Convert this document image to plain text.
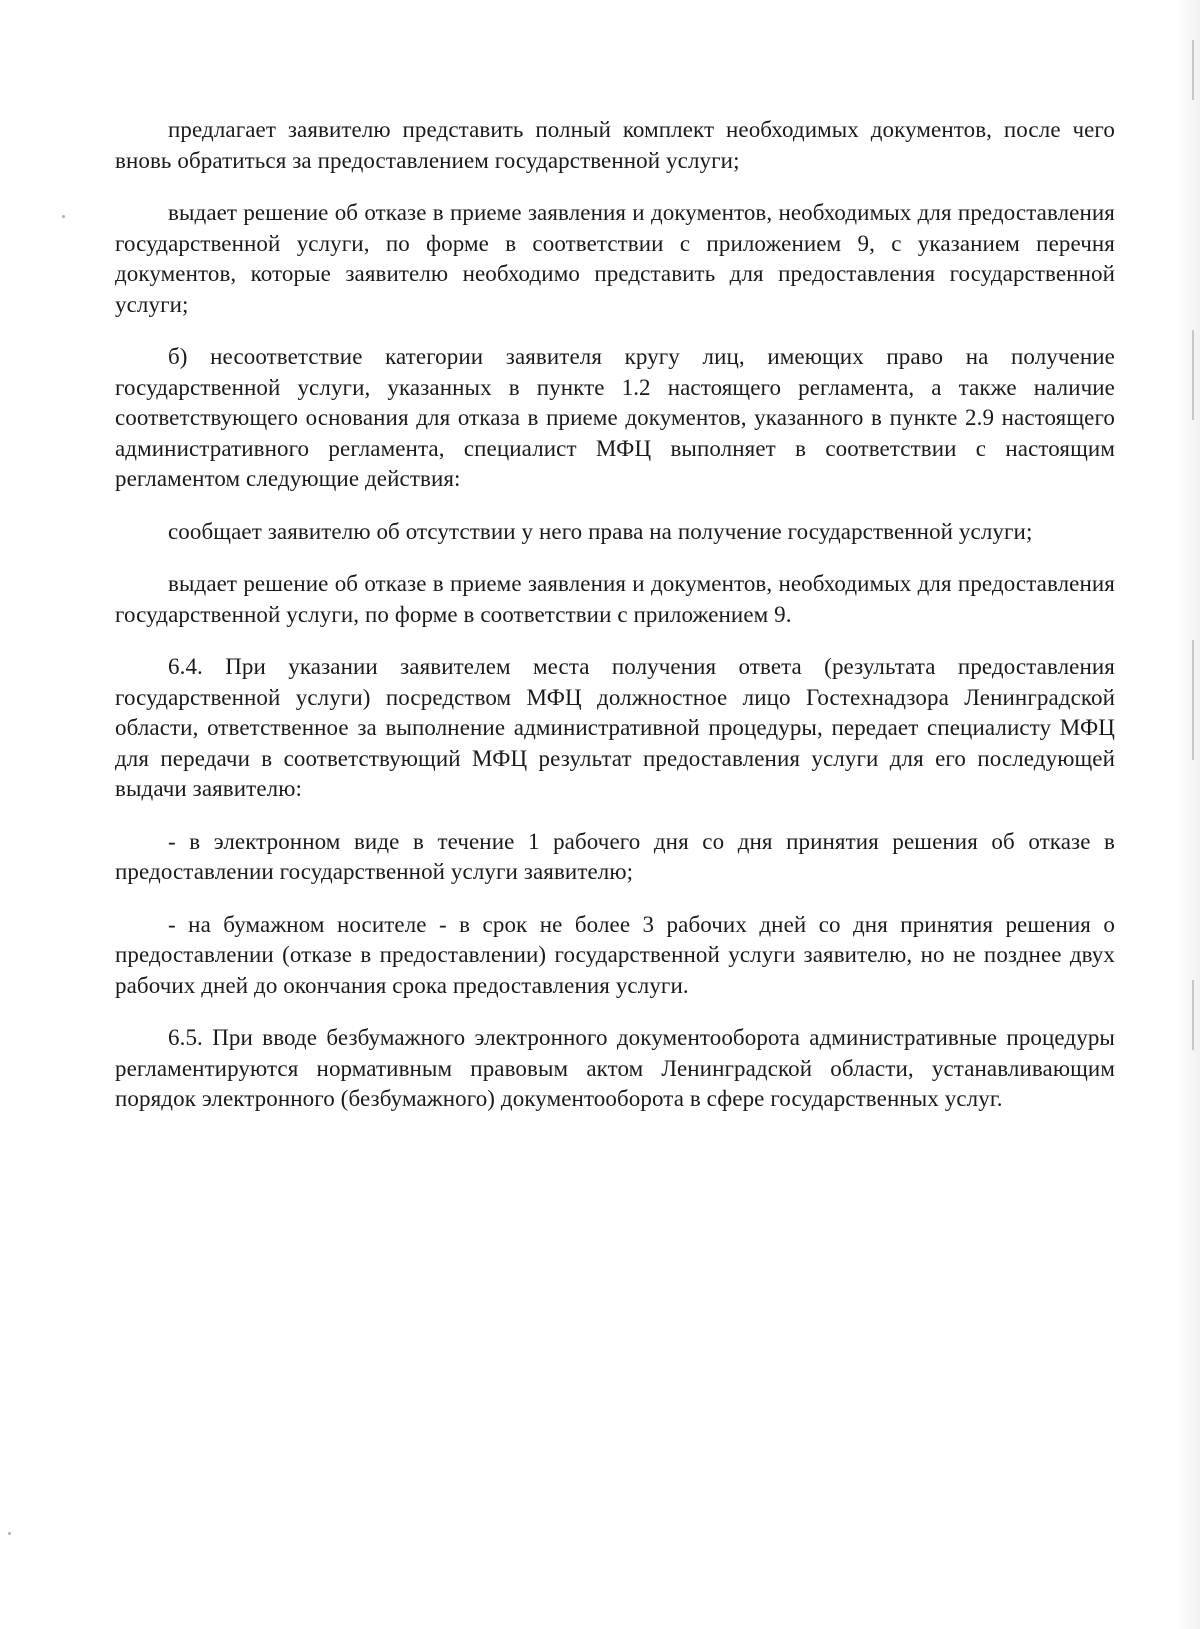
предлагает заявителю представить полный комплект необходимых документов, после чего вновь обратиться за предоставлением государственной услуги;

выдает решение об отказе в приеме заявления и документов, необходимых для предоставления государственной услуги, по форме в соответствии с приложением 9, с указанием перечня документов, которые заявителю необходимо представить для предоставления государственной услуги;

б) несоответствие категории заявителя кругу лиц, имеющих право на получение государственной услуги, указанных в пункте 1.2 настоящего регламента, а также наличие соответствующего основания для отказа в приеме документов, указанного в пункте 2.9 настоящего административного регламента, специалист МФЦ выполняет в соответствии с настоящим регламентом следующие действия:

сообщает заявителю об отсутствии у него права на получение государственной услуги;

выдает решение об отказе в приеме заявления и документов, необходимых для предоставления государственной услуги, по форме в соответствии с приложением 9.

6.4. При указании заявителем места получения ответа (результата предоставления государственной услуги) посредством МФЦ должностное лицо Гостехнадзора Ленинградской области, ответственное за выполнение административной процедуры, передает специалисту МФЦ для передачи в соответствующий МФЦ результат предоставления услуги для его последующей выдачи заявителю:

- в электронном виде в течение 1 рабочего дня со дня принятия решения об отказе в предоставлении государственной услуги заявителю;

- на бумажном носителе - в срок не более 3 рабочих дней со дня принятия решения о предоставлении (отказе в предоставлении) государственной услуги заявителю, но не позднее двух рабочих дней до окончания срока предоставления услуги.

6.5. При вводе безбумажного электронного документооборота административные процедуры регламентируются нормативным правовым актом Ленинградской области, устанавливающим порядок электронного (безбумажного) документооборота в сфере государственных услуг.
